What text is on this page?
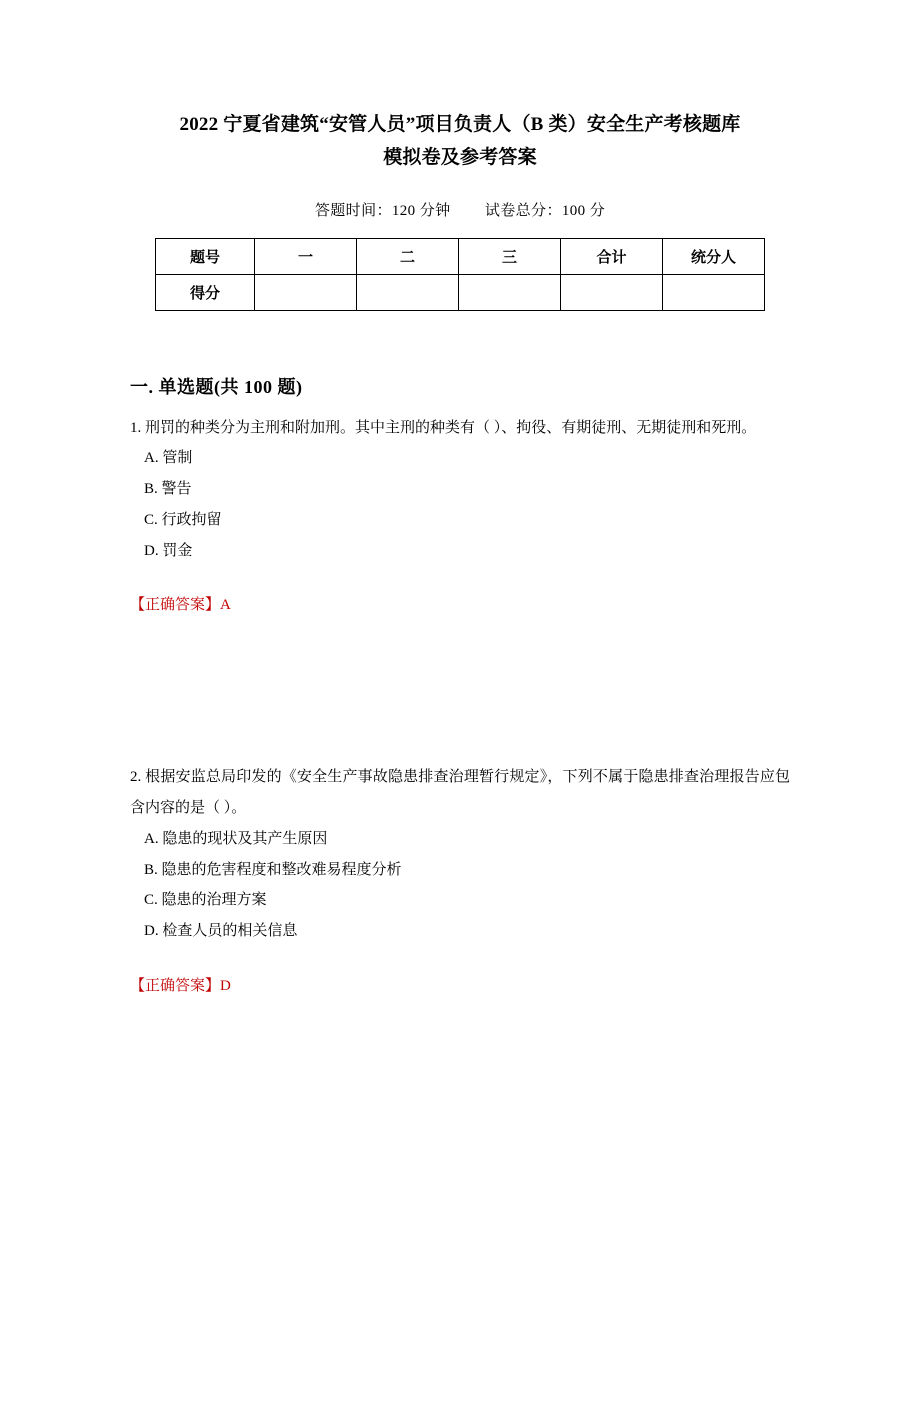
2022 宁夏省建筑“安管人员”项目负责人（B 类）安全生产考核题库
模拟卷及参考答案
答题时间：120 分钟 试卷总分：100 分
题号	一	二	三	合计	统分人
得分					
一. 单选题(共 100 题)
1. 刑罚的种类分为主刑和附加刑。其中主刑的种类有（ ）、拘役、有期徒刑、无期徒刑和死刑。
A. 管制
B. 警告
C. 行政拘留
D. 罚金
【正确答案】A
2. 根据安监总局印发的《安全生产事故隐患排查治理暂行规定》，下列不属于隐患排查治理报告应包含内容的是（ ）。
A. 隐患的现状及其产生原因
B. 隐患的危害程度和整改难易程度分析
C. 隐患的治理方案
D. 检查人员的相关信息
【正确答案】D
